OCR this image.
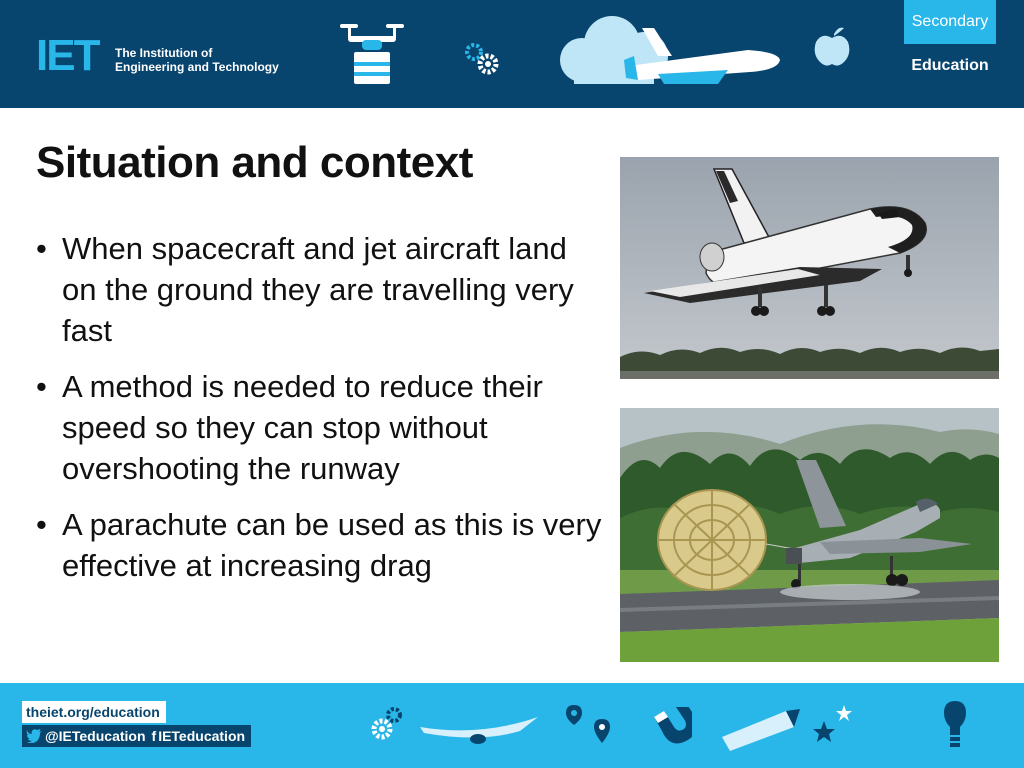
IET The Institution of
Engineering and Technology
Secondary
Education
Situation and context
• When spacecraft and jet aircraft land on the ground they are travelling very fast
• A method is needed to reduce their speed so they can stop without overshooting the runway
• A parachute can be used as this is very effective at increasing drag
theiet.org/education
@IETeducation f IETeducation
